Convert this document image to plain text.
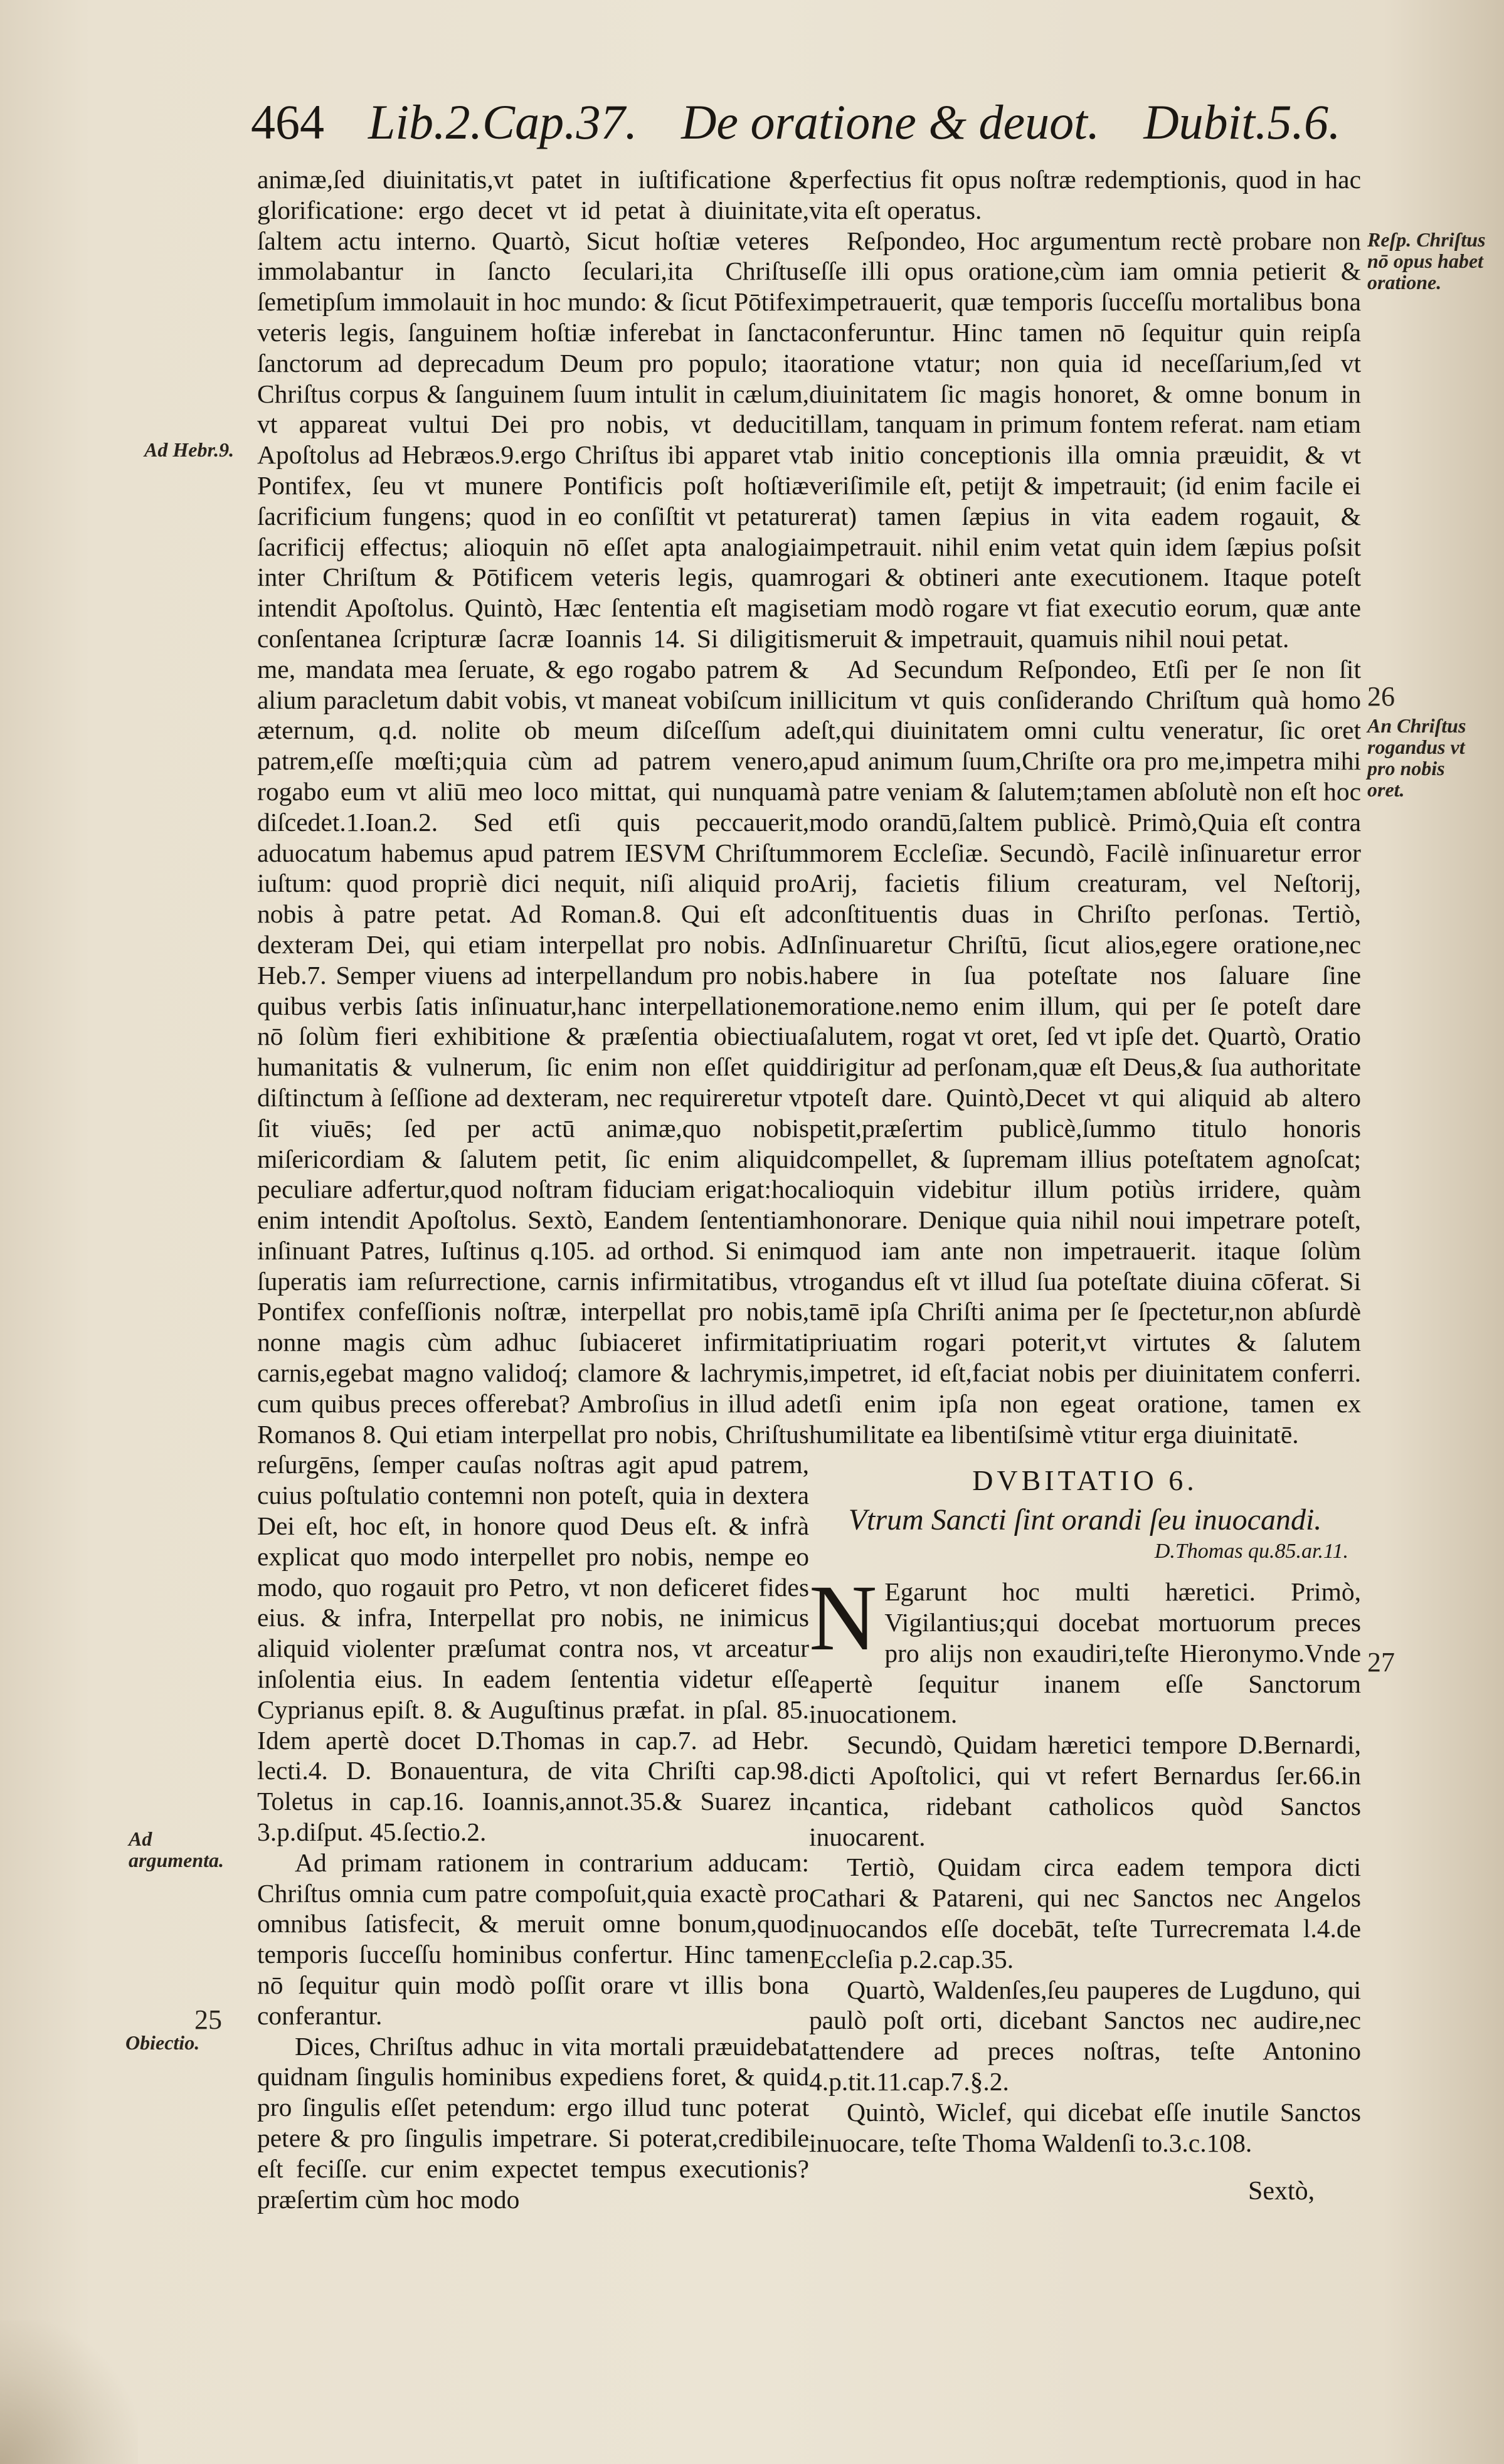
464 Lib.2.Cap.37. De oratione & deuot. Dubit.5.6.

animæ,ſed diuinitatis,vt patet in iuſtificatione & glorificatione: ergo decet vt id petat à diuinitate, ſaltem actu interno. Quartò, Sicut hoſtiæ veteres immolabantur in ſancto ſeculari,ita Chriſtus ſemetipſum immolauit in hoc mundo: & ſicut Pōtifex veteris legis, ſanguinem hoſtiæ inferebat in ſancta ſanctorum ad deprecadum Deum pro populo; ita Chriſtus corpus & ſanguinem ſuum intulit in cælum, vt appareat vultui Dei pro nobis, vt deducit Apoſtolus ad Hebræos.9.ergo Chriſtus ibi apparet vt Pontifex, ſeu vt munere Pontificis poſt hoſtiæ ſacrificium fungens; quod in eo conſiſtit vt petatur ſacrificij effectus; alioquin nō eſſet apta analogia inter Chriſtum & Pōtificem veteris legis, quam intendit Apoſtolus. Quintò, Hæc ſententia eſt magis conſentanea ſcripturæ ſacræ Ioannis 14. Si diligitis me, mandata mea ſeruate, & ego rogabo patrem & alium paracletum dabit vobis, vt maneat vobiſcum in æternum, q.d. nolite ob meum diſceſſum ad patrem,eſſe mœſti;quia cùm ad patrem venero, rogabo eum vt aliū meo loco mittat, qui nunquam diſcedet.1.Ioan.2. Sed etſi quis peccauerit, aduocatum habemus apud patrem IESVM Chriſtum iuſtum: quod propriè dici nequit, niſi aliquid pro nobis à patre petat. Ad Roman.8. Qui eſt ad dexteram Dei, qui etiam interpellat pro nobis. Ad Heb.7. Semper viuens ad interpellandum pro nobis. quibus verbis ſatis inſinuatur,hanc interpellationem nō ſolùm fieri exhibitione & præſentia obiectiua humanitatis & vulnerum, ſic enim non eſſet quid diſtinctum à ſeſſione ad dexteram, nec requireretur vt ſit viuēs; ſed per actū animæ,quo nobis miſericordiam & ſalutem petit, ſic enim aliquid peculiare adfertur,quod noſtram fiduciam erigat:hoc enim intendit Apoſtolus. Sextò, Eandem ſententiam inſinuant Patres, Iuſtinus q.105. ad orthod. Si enim ſuperatis iam reſurrectione, carnis infirmitatibus, vt Pontifex confeſſionis noſtræ, interpellat pro nobis, nonne magis cùm adhuc ſubiaceret infirmitati carnis,egebat magno validoq́; clamore & lachrymis, cum quibus preces offerebat? Ambroſius in illud ad Romanos 8. Qui etiam interpellat pro nobis, Chriſtus reſurgēns, ſemper cauſas noſtras agit apud patrem, cuius poſtulatio contemni non poteſt, quia in dextera Dei eſt, hoc eſt, in honore quod Deus eſt. & infrà explicat quo modo interpellet pro nobis, nempe eo modo, quo rogauit pro Petro, vt non deficeret fides eius. & infra, Interpellat pro nobis, ne inimicus aliquid violenter præſumat contra nos, vt arceatur inſolentia eius. In eadem ſententia videtur eſſe Cyprianus epiſt. 8. & Auguſtinus præfat. in pſal. 85. Idem apertè docet D.Thomas in cap.7. ad Hebr. lecti.4. D. Bonauentura, de vita Chriſti cap.98. Toletus in cap.16. Ioannis,annot.35.& Suarez in 3.p.diſput. 45.ſectio.2.

Ad primam rationem in contrarium adducam: Chriſtus omnia cum patre compoſuit,quia exactè pro omnibus ſatisfecit, & meruit omne bonum,quod temporis ſucceſſu hominibus confertur. Hinc tamen nō ſequitur quin modò poſſit orare vt illis bona conferantur.

Dices, Chriſtus adhuc in vita mortali præuidebat quidnam ſingulis hominibus expediens foret, & quid pro ſingulis eſſet petendum: ergo illud tunc poterat petere & pro ſingulis impetrare. Si poterat,credibile eſt feciſſe. cur enim expectet tempus executionis? præſertim cùm hoc modo

perfectius fit opus noſtræ redemptionis, quod in hac vita eſt operatus.

Reſpondeo, Hoc argumentum rectè probare non eſſe illi opus oratione,cùm iam omnia petierit & impetrauerit, quæ temporis ſucceſſu mortalibus bona conferuntur. Hinc tamen nō ſequitur quin reipſa oratione vtatur; non quia id neceſſarium,ſed vt diuinitatem ſic magis honoret, & omne bonum in illam, tanquam in primum fontem referat. nam etiam ab initio conceptionis illa omnia præuidit, & vt veriſimile eſt, petijt & impetrauit; (id enim facile ei erat) tamen ſæpius in vita eadem rogauit, & impetrauit. nihil enim vetat quin idem ſæpius poſsit rogari & obtineri ante executionem. Itaque poteſt etiam modò rogare vt fiat executio eorum, quæ ante meruit & impetrauit, quamuis nihil noui petat.

Ad Secundum Reſpondeo, Etſi per ſe non ſit illicitum vt quis conſiderando Chriſtum quà homo eſt,qui diuinitatem omni cultu veneratur, ſic oret apud animum ſuum,Chriſte ora pro me,impetra mihi à patre veniam & ſalutem;tamen abſolutè non eſt hoc modo orandū,ſaltem publicè. Primò,Quia eſt contra morem Eccleſiæ. Secundò, Facilè inſinuaretur error Arij, facietis filium creaturam, vel Neſtorij, conſtituentis duas in Chriſto perſonas. Tertiò, Inſinuaretur Chriſtū, ſicut alios,egere oratione,nec habere in ſua poteſtate nos ſaluare ſine oratione.nemo enim illum, qui per ſe poteſt dare ſalutem, rogat vt oret, ſed vt ipſe det. Quartò, Oratio dirigitur ad perſonam,quæ eſt Deus,& ſua authoritate poteſt dare. Quintò,Decet vt qui aliquid ab altero petit,præſertim publicè,ſummo titulo honoris compellet, & ſupremam illius poteſtatem agnoſcat; alioquin videbitur illum potiùs irridere, quàm honorare. Denique quia nihil noui impetrare poteſt, quod iam ante non impetrauerit. itaque ſolùm rogandus eſt vt illud ſua poteſtate diuina cōferat. Si tamē ipſa Chriſti anima per ſe ſpectetur,non abſurdè priuatim rogari poterit,vt virtutes & ſalutem impetret, id eſt,faciat nobis per diuinitatem conferri. etſi enim ipſa non egeat oratione, tamen ex humilitate ea libentiſsimè vtitur erga diuinitatē.

DVBITATIO 6.
Vtrum Sancti ſint orandi ſeu inuocandi.
D.Thomas qu.85.ar.11.

N Egarunt hoc multi hæretici. Primò, Vigilantius;qui docebat mortuorum preces pro alijs non exaudiri,teſte Hieronymo.Vnde apertè ſequitur inanem eſſe Sanctorum inuocationem.

Secundò, Quidam hæretici tempore D.Bernardi, dicti Apoſtolici, qui vt refert Bernardus ſer.66.in cantica, ridebant catholicos quòd Sanctos inuocarent.

Tertiò, Quidam circa eadem tempora dicti Cathari & Patareni, qui nec Sanctos nec Angelos inuocandos eſſe docebāt, teſte Turrecremata l.4.de Eccleſia p.2.cap.35.

Quartò, Waldenſes,ſeu pauperes de Lugduno, qui paulò poſt orti, dicebant Sanctos nec audire,nec attendere ad preces noſtras, teſte Antonino 4.p.tit.11.cap.7.§.2.

Quintò, Wiclef, qui dicebat eſſe inutile Sanctos inuocare, teſte Thoma Waldenſi to.3.c.108.

Ad Hebr.9.
Ad argumenta.
25
Obiectio.
Reſp. Chriſtus nō opus habet oratione.
26
An Chriſtus rogandus vt pro nobis oret.
27
Sextò,
